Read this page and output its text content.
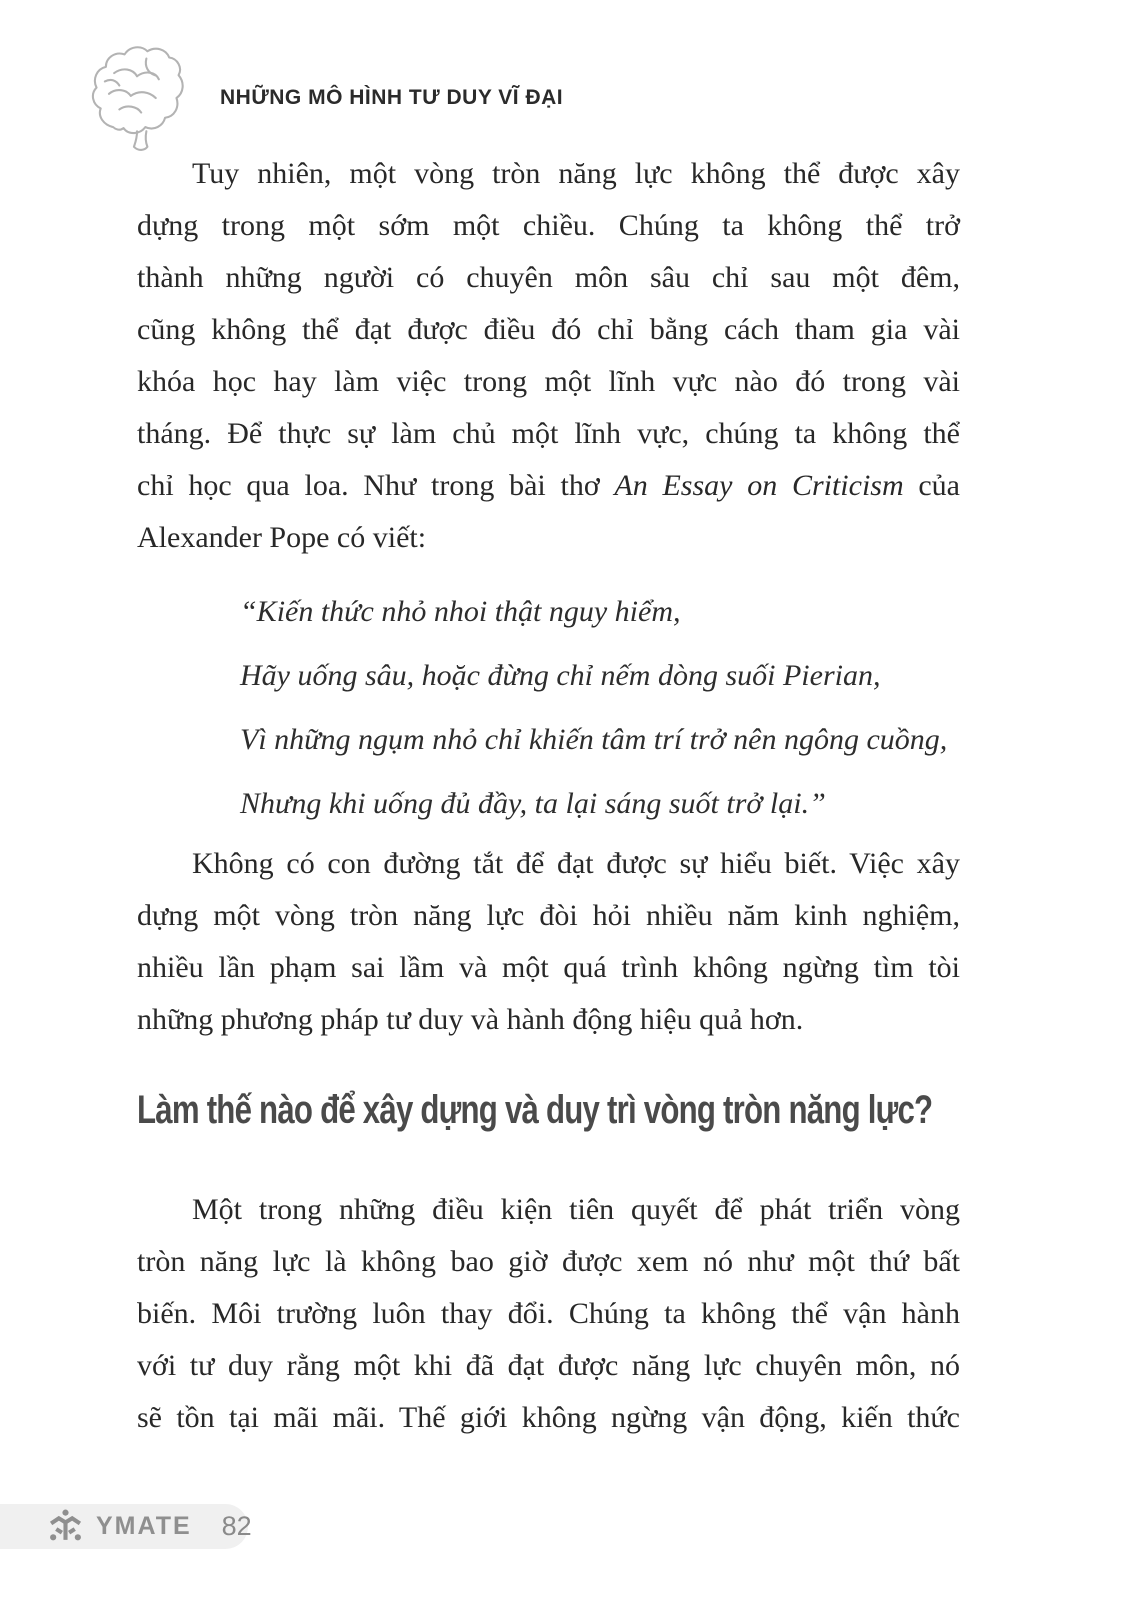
NHỮNG MÔ HÌNH TƯ DUY VĨ ĐẠI
Tuy nhiên, một vòng tròn năng lực không thể được xây
dựng trong một sớm một chiều. Chúng ta không thể trở
thành những người có chuyên môn sâu chỉ sau một đêm,
cũng không thể đạt được điều đó chỉ bằng cách tham gia vài
khóa học hay làm việc trong một lĩnh vực nào đó trong vài
tháng. Để thực sự làm chủ một lĩnh vực, chúng ta không thể
chỉ học qua loa. Như trong bài thơ An Essay on Criticism của
Alexander Pope có viết:
“Kiến thức nhỏ nhoi thật nguy hiểm,
Hãy uống sâu, hoặc đừng chỉ nếm dòng suối Pierian,
Vì những ngụm nhỏ chỉ khiến tâm trí trở nên ngông cuồng,
Nhưng khi uống đủ đầy, ta lại sáng suốt trở lại.”
Không có con đường tắt để đạt được sự hiểu biết. Việc xây
dựng một vòng tròn năng lực đòi hỏi nhiều năm kinh nghiệm,
nhiều lần phạm sai lầm và một quá trình không ngừng tìm tòi
những phương pháp tư duy và hành động hiệu quả hơn.
Làm thế nào để xây dựng và duy trì vòng tròn năng lực?
Một trong những điều kiện tiên quyết để phát triển vòng
tròn năng lực là không bao giờ được xem nó như một thứ bất
biến. Môi trường luôn thay đổi. Chúng ta không thể vận hành
với tư duy rằng một khi đã đạt được năng lực chuyên môn, nó
sẽ tồn tại mãi mãi. Thế giới không ngừng vận động, kiến thức
YMATE 82
